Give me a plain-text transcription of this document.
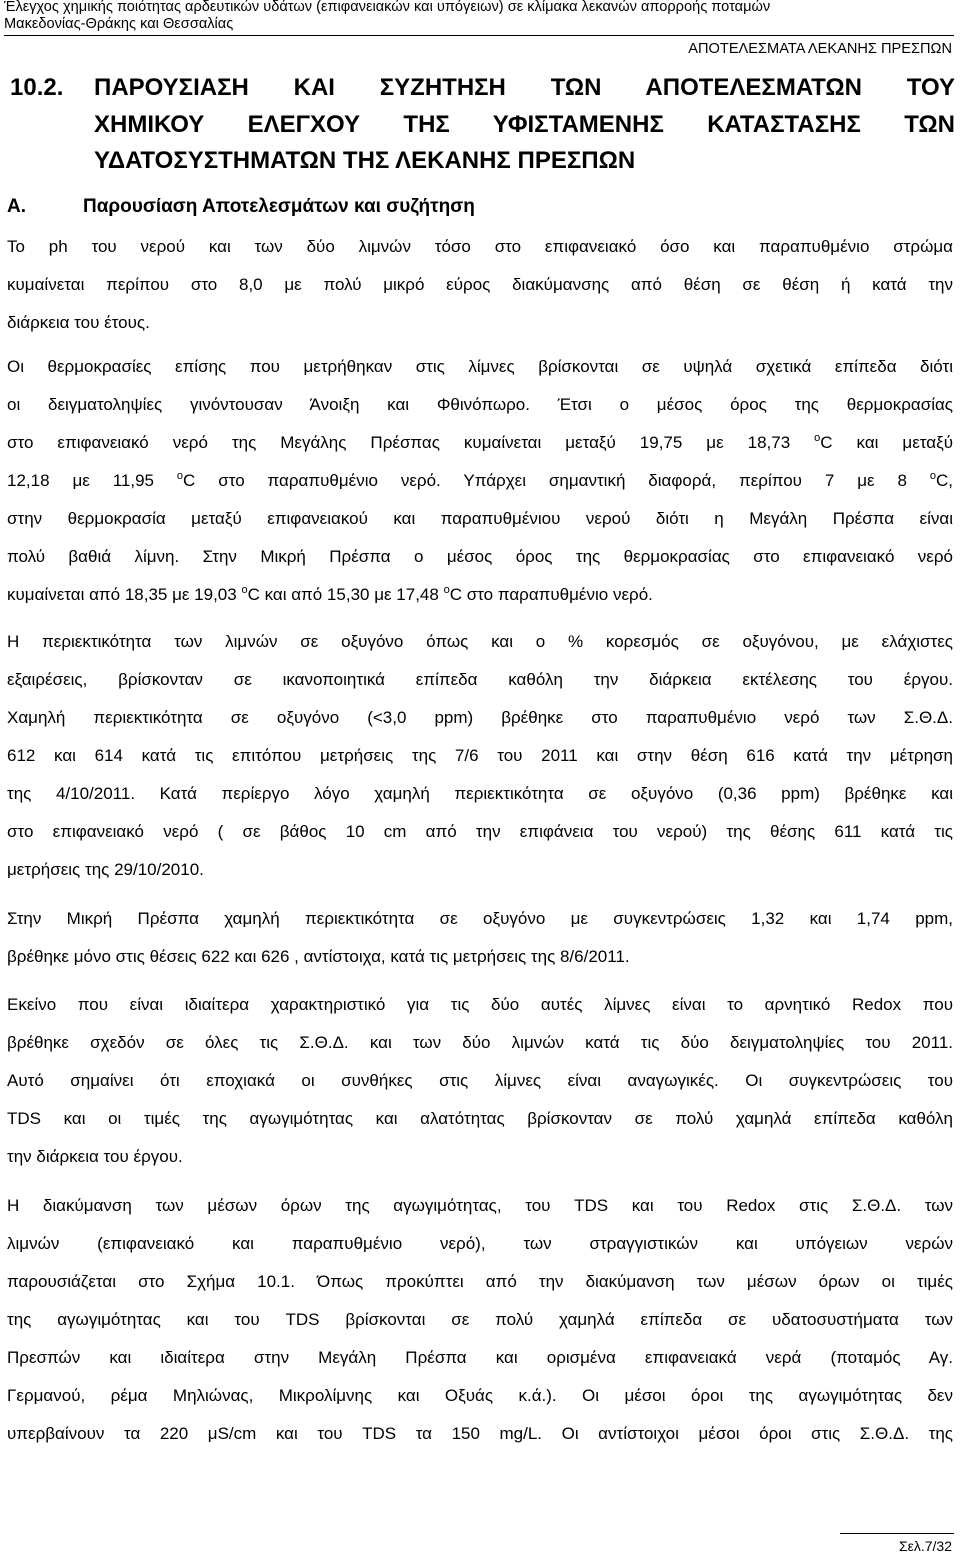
Έλεγχος χημικής ποιότητας αρδευτικών υδάτων (επιφανειακών και υπόγειων) σε κλίμακα λεκανών απορροής ποταμών
Μακεδονίας-Θράκης και Θεσσαλίας
ΑΠΟΤΕΛΕΣΜΑΤΑ ΛΕΚΑΝΗΣ ΠΡΕΣΠΩΝ
10.2. ΠΑΡΟΥΣΙΑΣΗ ΚΑΙ ΣΥΖΗΤΗΣΗ ΤΩΝ ΑΠΟΤΕΛΕΣΜΑΤΩΝ ΤΟΥ
ΧΗΜΙΚΟΥ ΕΛΕΓΧΟΥ ΤΗΣ ΥΦΙΣΤΑΜΕΝΗΣ ΚΑΤΑΣΤΑΣΗΣ ΤΩΝ
ΥΔΑΤΟΣΥΣΤΗΜΑΤΩΝ ΤΗΣ ΛΕΚΑΝΗΣ ΠΡΕΣΠΩΝ
Α.	Παρουσίαση Αποτελεσμάτων και συζήτηση
Το ph του νερού και των δύο λιμνών τόσο στο επιφανειακό όσο και παραπυθμένιο στρώμα
κυμαίνεται περίπου στο 8,0 με πολύ μικρό εύρος διακύμανσης από θέση σε θέση ή κατά την
διάρκεια του έτους.
Οι θερμοκρασίες επίσης που μετρήθηκαν στις λίμνες βρίσκονται σε υψηλά σχετικά επίπεδα διότι
οι δειγματοληψίες γινόντουσαν Άνοιξη και Φθινόπωρο. Έτσι ο μέσος όρος της θερμοκρασίας
στο επιφανειακό νερό της Μεγάλης Πρέσπας κυμαίνεται μεταξύ 19,75 με 18,73 $^o$C και μεταξύ
12,18 με 11,95 $^o$C στο παραπυθμένιο νερό. Υπάρχει σημαντική διαφορά, περίπου 7 με 8 $^o$C,
στην θερμοκρασία μεταξύ επιφανειακού και παραπυθμένιου νερού διότι η Μεγάλη Πρέσπα είναι
πολύ βαθιά λίμνη. Στην Μικρή Πρέσπα ο μέσος όρος της θερμοκρασίας στο επιφανειακό νερό
κυμαίνεται από 18,35 με 19,03 $^o$C και από 15,30 με 17,48 $^o$C στο παραπυθμένιο νερό.
Η περιεκτικότητα των λιμνών σε οξυγόνο όπως και ο % κορεσμός σε οξυγόνου, με ελάχιστες
εξαιρέσεις, βρίσκονταν σε ικανοποιητικά επίπεδα καθόλη την διάρκεια εκτέλεσης του έργου.
Χαμηλή περιεκτικότητα σε οξυγόνο (<3,0 ppm) βρέθηκε στο παραπυθμένιο νερό των Σ.Θ.Δ.
612 και 614 κατά τις επιτόπου μετρήσεις της 7/6 του 2011 και στην θέση 616 κατά την μέτρηση
της 4/10/2011. Κατά περίεργο λόγο χαμηλή περιεκτικότητα σε οξυγόνο (0,36 ppm) βρέθηκε και
στο επιφανειακό νερό ( σε βάθος 10 cm από την επιφάνεια του νερού) της θέσης 611 κατά τις
μετρήσεις της 29/10/2010.
Στην Μικρή Πρέσπα χαμηλή περιεκτικότητα σε οξυγόνο με συγκεντρώσεις 1,32 και 1,74 ppm,
βρέθηκε μόνο στις θέσεις 622 και 626 , αντίστοιχα, κατά τις μετρήσεις της 8/6/2011.
Εκείνο που είναι ιδιαίτερα χαρακτηριστικό για τις δύο αυτές λίμνες είναι το αρνητικό Redox που
βρέθηκε σχεδόν σε όλες τις Σ.Θ.Δ. και των δύο λιμνών κατά τις δύο δειγματοληψίες του 2011.
Αυτό σημαίνει ότι εποχιακά οι συνθήκες στις λίμνες είναι αναγωγικές. Οι συγκεντρώσεις του
TDS και οι τιμές της αγωγιμότητας και αλατότητας βρίσκονταν σε πολύ χαμηλά επίπεδα καθόλη
την διάρκεια του έργου.
Η διακύμανση των μέσων όρων της αγωγιμότητας, του TDS και του Redox στις Σ.Θ.Δ. των
λιμνών (επιφανειακό και παραπυθμένιο νερό), των στραγγιστικών και υπόγειων νερών
παρουσιάζεται στο Σχήμα 10.1. Όπως προκύπτει από την διακύμανση των μέσων όρων οι τιμές
της αγωγιμότητας και του TDS βρίσκονται σε πολύ χαμηλά επίπεδα σε υδατοσυστήματα των
Πρεσπών και ιδιαίτερα στην Μεγάλη Πρέσπα και ορισμένα επιφανειακά νερά (ποταμός Αγ.
Γερμανού, ρέμα Μηλιώνας, Μικρολίμνης και Οξυάς κ.ά.). Οι μέσοι όροι της αγωγιμότητας δεν
υπερβαίνουν τα 220 μS/cm και του TDS τα 150 mg/L. Οι αντίστοιχοι μέσοι όροι στις Σ.Θ.Δ. της
Σελ.7/32
